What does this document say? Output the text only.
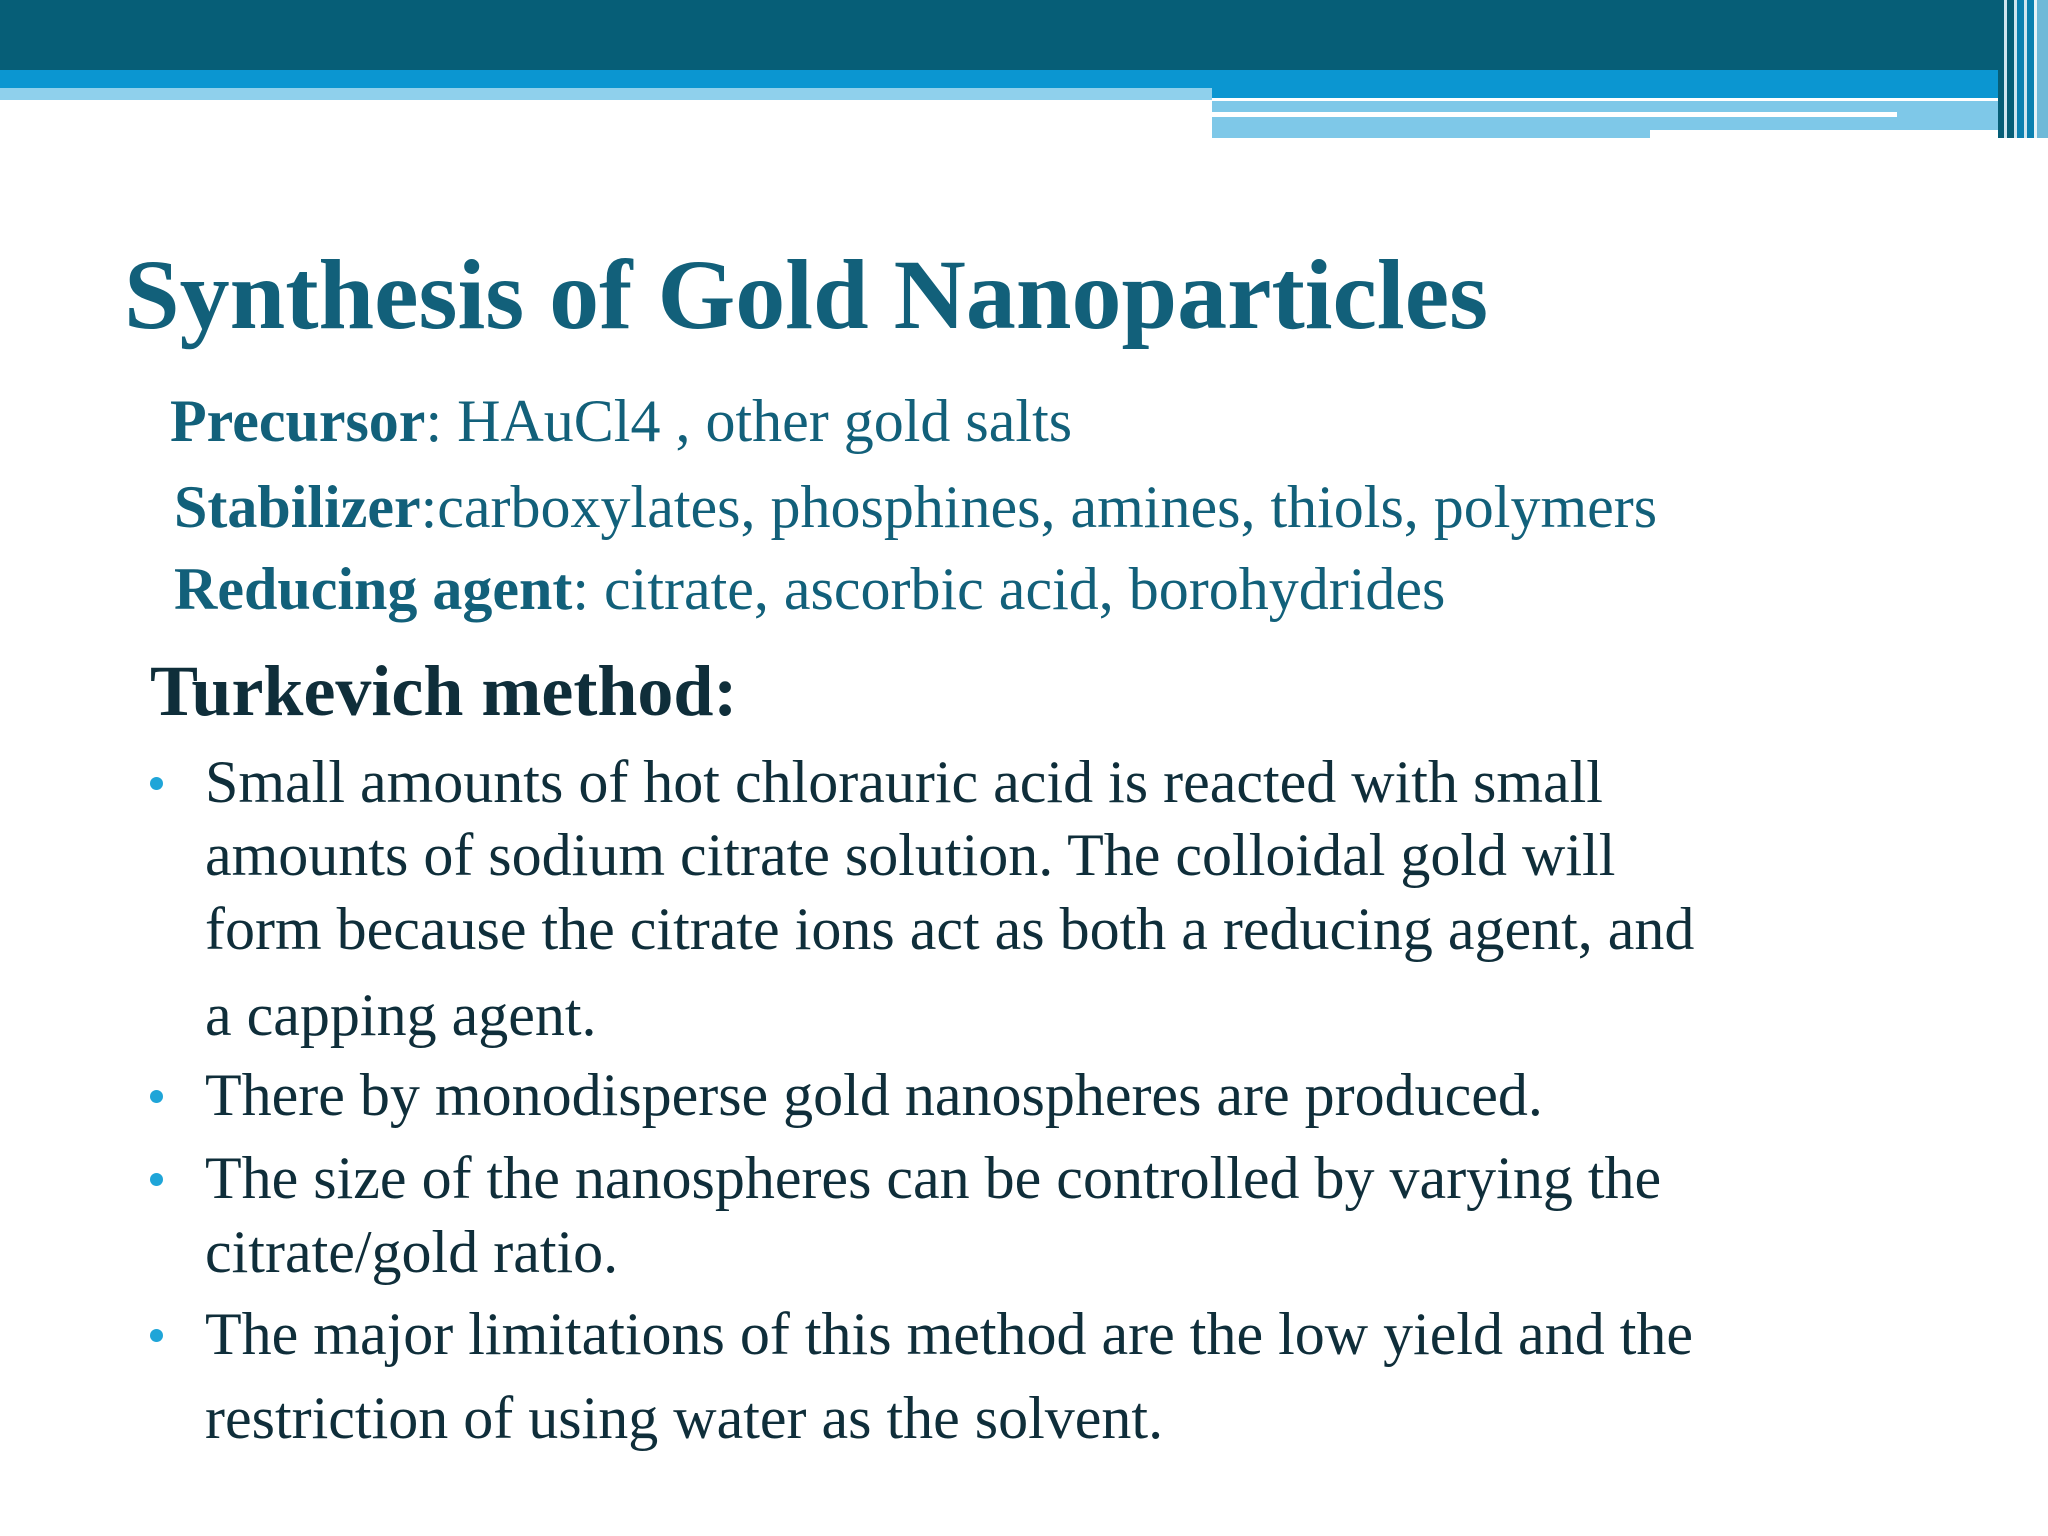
Synthesis of Gold Nanoparticles

Precursor: HAuCl4 , other gold salts

Stabilizer:carboxylates, phosphines, amines, thiols, polymers

Reducing agent: citrate, ascorbic acid, borohydrides

Turkevich method:
Small amounts of hot chlorauric acid is reacted with small
amounts of sodium citrate solution. The colloidal gold will
form because the citrate ions act as both a reducing agent, and
a capping agent.
There by monodisperse gold nanospheres are produced.
The size of the nanospheres can be controlled by varying the
citrate/gold ratio.
The major limitations of this method are the low yield and the
restriction of using water as the solvent.
